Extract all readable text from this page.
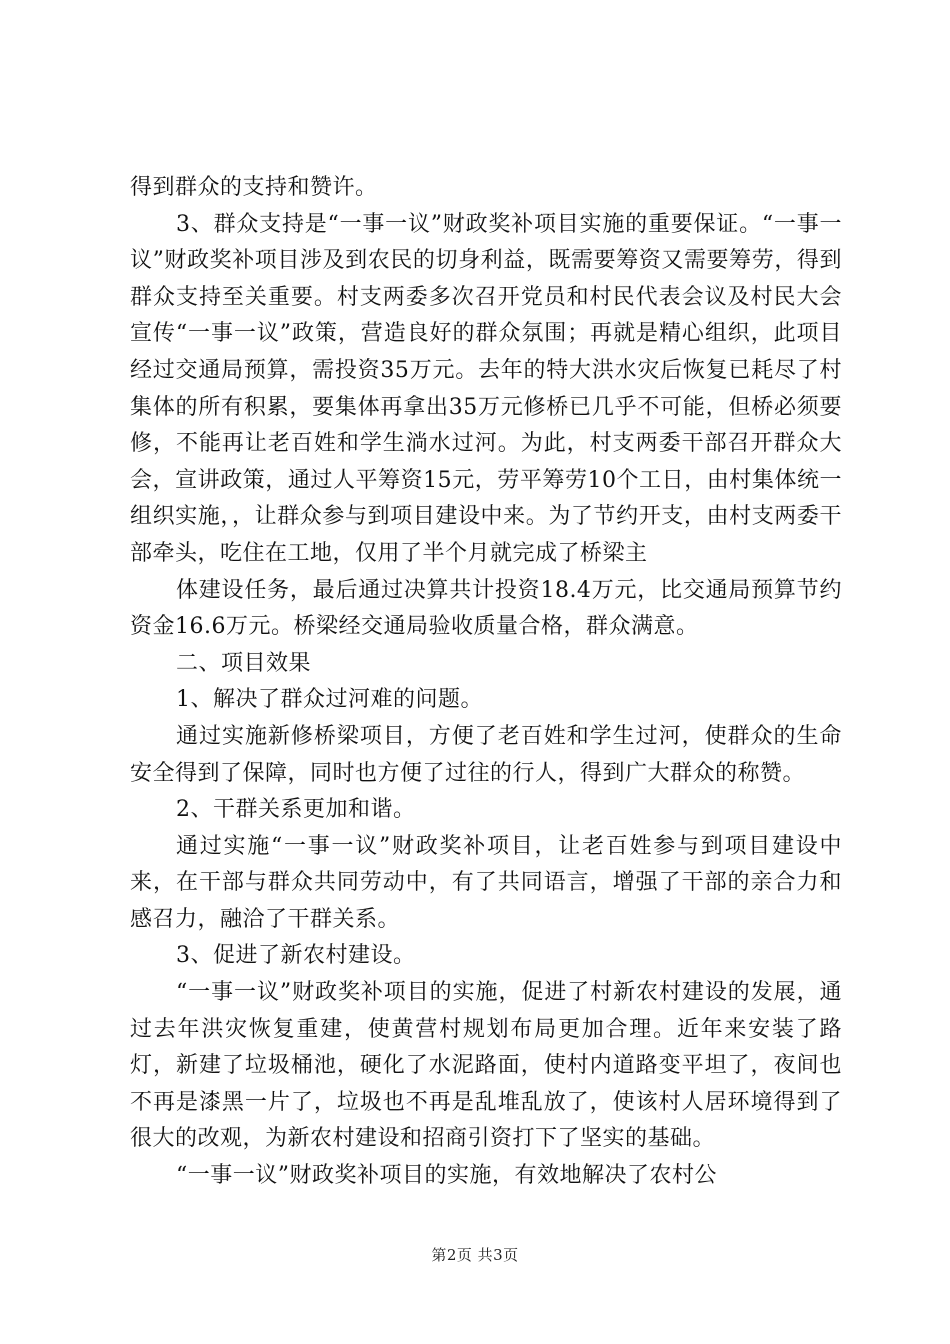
得到群众的支持和赞许。

3、群众支持是“一事一议”财政奖补项目实施的重要保证。“一事一议”财政奖补项目涉及到农民的切身利益，既需要筹资又需要筹劳，得到群众支持至关重要。村支两委多次召开党员和村民代表会议及村民大会宣传“一事一议”政策，营造良好的群众氛围；再就是精心组织，此项目经过交通局预算，需投资35万元。去年的特大洪水灾后恢复已耗尽了村集体的所有积累，要集体再拿出35万元修桥已几乎不可能，但桥必须要修，不能再让老百姓和学生淌水过河。为此，村支两委干部召开群众大会，宣讲政策，通过人平筹资15元，劳平筹劳10个工日，由村集体统一组织实施，，让群众参与到项目建设中来。为了节约开支，由村支两委干部牵头，吃住在工地，仅用了半个月就完成了桥梁主

体建设任务，最后通过决算共计投资18.4万元，比交通局预算节约资金16.6万元。桥梁经交通局验收质量合格，群众满意。

二、项目效果

1、解决了群众过河难的问题。

通过实施新修桥梁项目，方便了老百姓和学生过河，使群众的生命安全得到了保障，同时也方便了过往的行人，得到广大群众的称赞。

2、干群关系更加和谐。

通过实施“一事一议”财政奖补项目，让老百姓参与到项目建设中来，在干部与群众共同劳动中，有了共同语言，增强了干部的亲合力和感召力，融洽了干群关系。

3、促进了新农村建设。

“一事一议”财政奖补项目的实施，促进了村新农村建设的发展，通过去年洪灾恢复重建，使黄营村规划布局更加合理。近年来安装了路灯，新建了垃圾桶池，硬化了水泥路面，使村内道路变平坦了，夜间也不再是漆黑一片了，垃圾也不再是乱堆乱放了，使该村人居环境得到了很大的改观，为新农村建设和招商引资打下了坚实的基础。

“一事一议”财政奖补项目的实施，有效地解决了农村公

第2页 共3页
